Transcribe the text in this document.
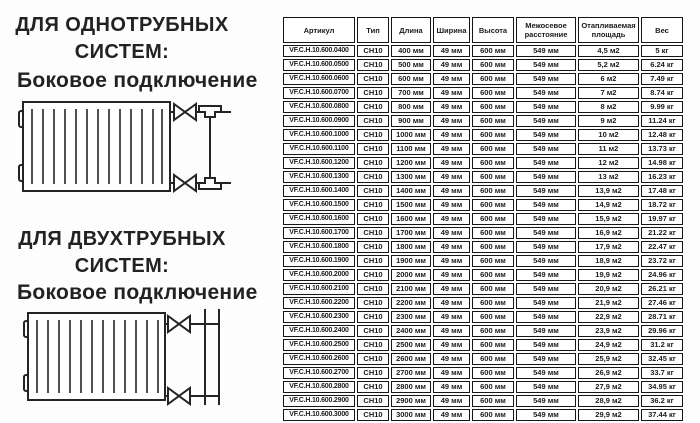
ДЛЯ ОДНОТРУБНЫХ
СИСТЕМ:
Боковое подключение
ДЛЯ ДВУХТРУБНЫХ
СИСТЕМ:
Боковое подключение
Артикул	Тип	Длина	Ширина	Высота	Межосевое расстояние	Отапливаемая площадь	Вес
VF.C.H.10.600.0400	CH10	400 мм	49 мм	600 мм	549 мм	4,5 м2	5 кг
VF.C.H.10.600.0500	CH10	500 мм	49 мм	600 мм	549 мм	5,2 м2	6.24 кг
VF.C.H.10.600.0600	CH10	600 мм	49 мм	600 мм	549 мм	6 м2	7.49 кг
VF.C.H.10.600.0700	CH10	700 мм	49 мм	600 мм	549 мм	7 м2	8.74 кг
VF.C.H.10.600.0800	CH10	800 мм	49 мм	600 мм	549 мм	8 м2	9.99 кг
VF.C.H.10.600.0900	CH10	900 мм	49 мм	600 мм	549 мм	9 м2	11.24 кг
VF.C.H.10.600.1000	CH10	1000 мм	49 мм	600 мм	549 мм	10 м2	12.48 кг
VF.C.H.10.600.1100	CH10	1100 мм	49 мм	600 мм	549 мм	11 м2	13.73 кг
VF.C.H.10.600.1200	CH10	1200 мм	49 мм	600 мм	549 мм	12 м2	14.98 кг
VF.C.H.10.600.1300	CH10	1300 мм	49 мм	600 мм	549 мм	13 м2	16.23 кг
VF.C.H.10.600.1400	CH10	1400 мм	49 мм	600 мм	549 мм	13,9 м2	17.48 кг
VF.C.H.10.600.1500	CH10	1500 мм	49 мм	600 мм	549 мм	14,9 м2	18.72 кг
VF.C.H.10.600.1600	CH10	1600 мм	49 мм	600 мм	549 мм	15,9 м2	19.97 кг
VF.C.H.10.600.1700	CH10	1700 мм	49 мм	600 мм	549 мм	16,9 м2	21.22 кг
VF.C.H.10.600.1800	CH10	1800 мм	49 мм	600 мм	549 мм	17,9 м2	22.47 кг
VF.C.H.10.600.1900	CH10	1900 мм	49 мм	600 мм	549 мм	18,9 м2	23.72 кг
VF.C.H.10.600.2000	CH10	2000 мм	49 мм	600 мм	549 мм	19,9 м2	24.96 кг
VF.C.H.10.600.2100	CH10	2100 мм	49 мм	600 мм	549 мм	20,9 м2	26.21 кг
VF.C.H.10.600.2200	CH10	2200 мм	49 мм	600 мм	549 мм	21,9 м2	27.46 кг
VF.C.H.10.600.2300	CH10	2300 мм	49 мм	600 мм	549 мм	22,9 м2	28.71 кг
VF.C.H.10.600.2400	CH10	2400 мм	49 мм	600 мм	549 мм	23,9 м2	29.96 кг
VF.C.H.10.600.2500	CH10	2500 мм	49 мм	600 мм	549 мм	24,9 м2	31.2 кг
VF.C.H.10.600.2600	CH10	2600 мм	49 мм	600 мм	549 мм	25,9 м2	32.45 кг
VF.C.H.10.600.2700	CH10	2700 мм	49 мм	600 мм	549 мм	26,9 м2	33.7 кг
VF.C.H.10.600.2800	CH10	2800 мм	49 мм	600 мм	549 мм	27,9 м2	34.95 кг
VF.C.H.10.600.2900	CH10	2900 мм	49 мм	600 мм	549 мм	28,9 м2	36.2 кг
VF.C.H.10.600.3000	CH10	3000 мм	49 мм	600 мм	549 мм	29,9 м2	37.44 кг
